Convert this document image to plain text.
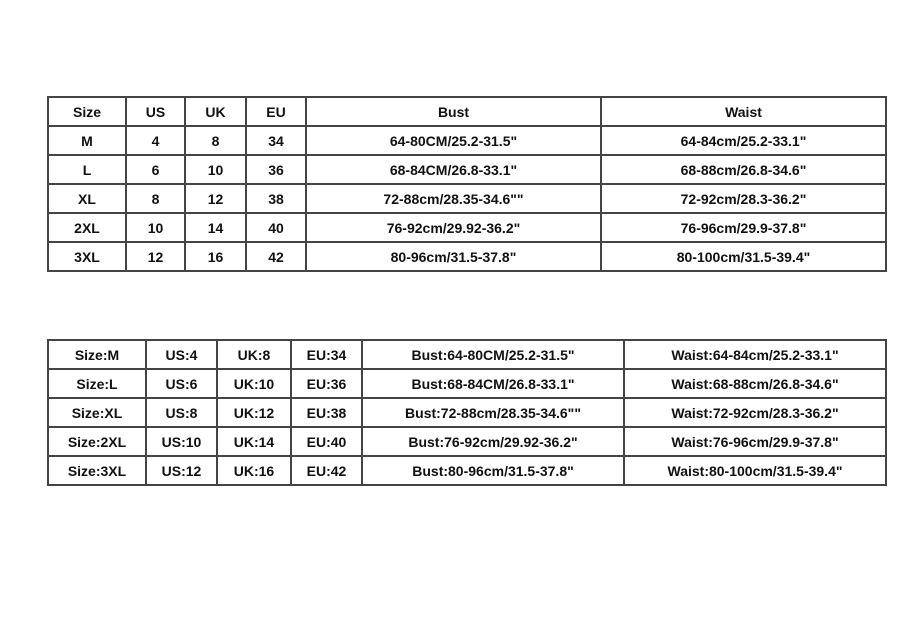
Size	US	UK	EU	Bust	Waist
M	4	8	34	64-80CM/25.2-31.5"	64-84cm/25.2-33.1"
L	6	10	36	68-84CM/26.8-33.1"	68-88cm/26.8-34.6"
XL	8	12	38	72-88cm/28.35-34.6""	72-92cm/28.3-36.2"
2XL	10	14	40	76-92cm/29.92-36.2"	76-96cm/29.9-37.8"
3XL	12	16	42	80-96cm/31.5-37.8"	80-100cm/31.5-39.4"
Size:M	US:4	UK:8	EU:34	Bust:64-80CM/25.2-31.5"	Waist:64-84cm/25.2-33.1"
Size:L	US:6	UK:10	EU:36	Bust:68-84CM/26.8-33.1"	Waist:68-88cm/26.8-34.6"
Size:XL	US:8	UK:12	EU:38	Bust:72-88cm/28.35-34.6""	Waist:72-92cm/28.3-36.2"
Size:2XL	US:10	UK:14	EU:40	Bust:76-92cm/29.92-36.2"	Waist:76-96cm/29.9-37.8"
Size:3XL	US:12	UK:16	EU:42	Bust:80-96cm/31.5-37.8"	Waist:80-100cm/31.5-39.4"
